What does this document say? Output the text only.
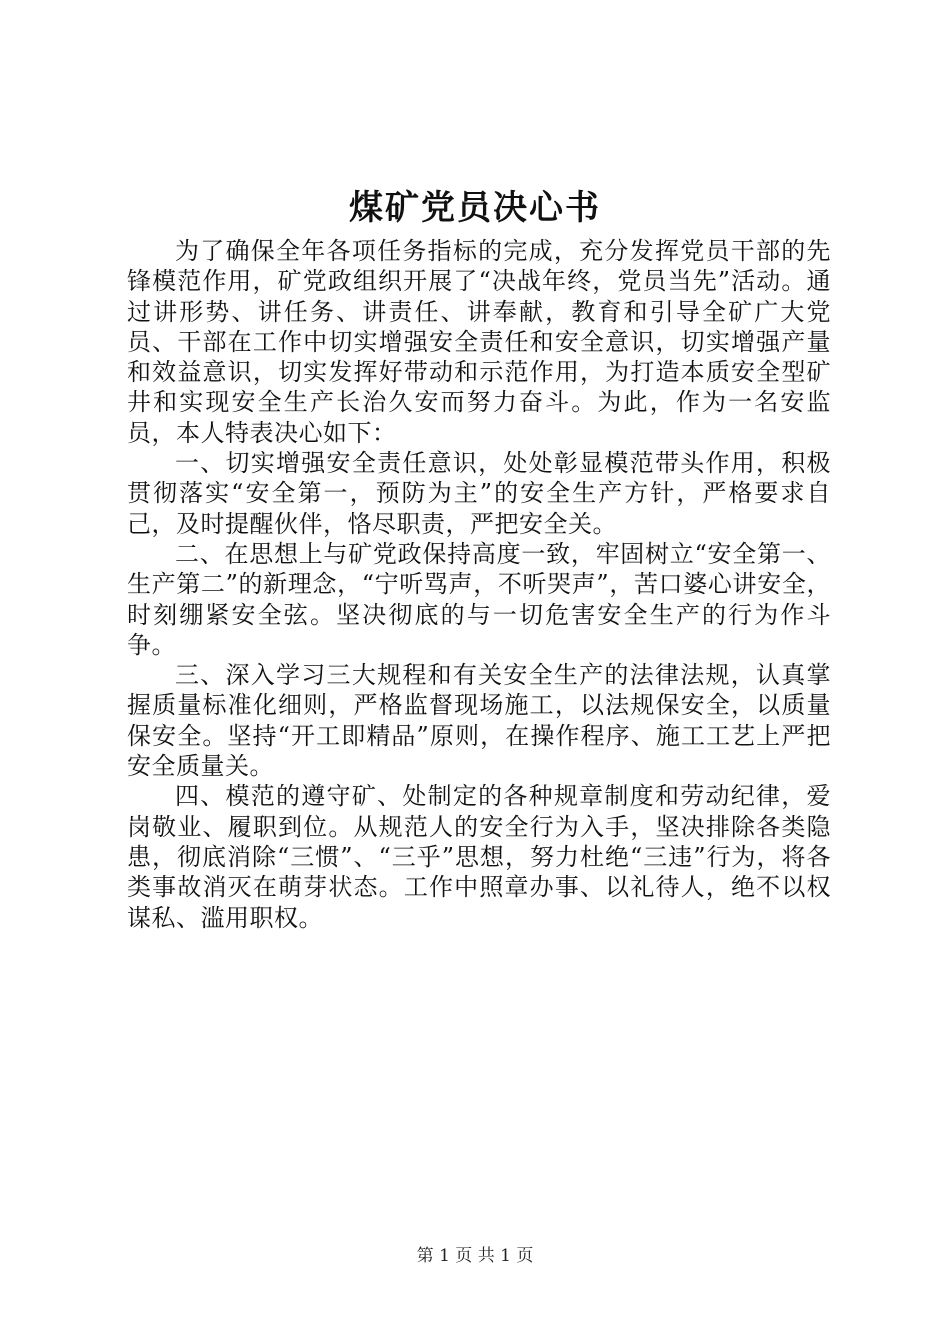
煤矿党员决心书

为了确保全年各项任务指标的完成，充分发挥党员干部的先锋模范作用，矿党政组织开展了“决战年终，党员当先”活动。通过讲形势、讲任务、讲责任、讲奉献，教育和引导全矿广大党员、干部在工作中切实增强安全责任和安全意识，切实增强产量和效益意识，切实发挥好带动和示范作用，为打造本质安全型矿井和实现安全生产长治久安而努力奋斗。为此，作为一名安监员，本人特表决心如下：

一、切实增强安全责任意识，处处彰显模范带头作用，积极贯彻落实“安全第一，预防为主”的安全生产方针，严格要求自己，及时提醒伙伴，恪尽职责，严把安全关。

二、在思想上与矿党政保持高度一致，牢固树立“安全第一、生产第二”的新理念，“宁听骂声，不听哭声”，苦口婆心讲安全，时刻绷紧安全弦。坚决彻底的与一切危害安全生产的行为作斗争。

三、深入学习三大规程和有关安全生产的法律法规，认真掌握质量标准化细则，严格监督现场施工，以法规保安全，以质量保安全。坚持“开工即精品”原则，在操作程序、施工工艺上严把安全质量关。

四、模范的遵守矿、处制定的各种规章制度和劳动纪律，爱岗敬业、履职到位。从规范人的安全行为入手，坚决排除各类隐患，彻底消除“三惯”、“三乎”思想，努力杜绝“三违”行为，将各类事故消灭在萌芽状态。工作中照章办事、以礼待人，绝不以权谋私、滥用职权。

第 1 页 共 1 页
